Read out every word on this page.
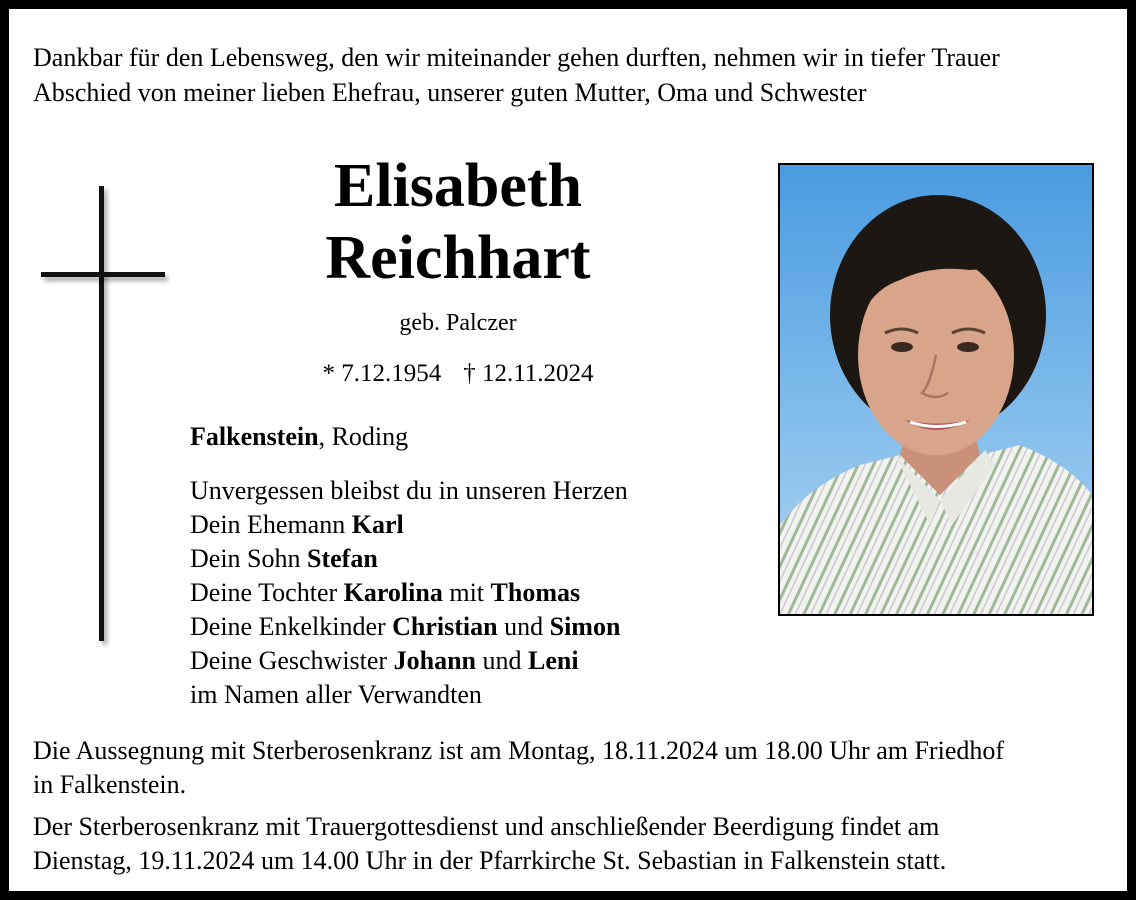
Dankbar für den Lebensweg, den wir miteinander gehen durften, nehmen wir in tiefer Trauer
Abschied von meiner lieben Ehefrau, unserer guten Mutter, Oma und Schwester
Elisabeth
Reichhart
geb. Palczer
* 7.12.1954 † 12.11.2024
Falkenstein, Roding
Unvergessen bleibst du in unseren Herzen
Dein Ehemann Karl
Dein Sohn Stefan
Deine Tochter Karolina mit Thomas
Deine Enkelkinder Christian und Simon
Deine Geschwister Johann und Leni
im Namen aller Verwandten
Die Aussegnung mit Sterberosenkranz ist am Montag, 18.11.2024 um 18.00 Uhr am Friedhof
in Falkenstein.
Der Sterberosenkranz mit Trauergottesdienst und anschließender Beerdigung findet am
Dienstag, 19.11.2024 um 14.00 Uhr in der Pfarrkirche St. Sebastian in Falkenstein statt.
